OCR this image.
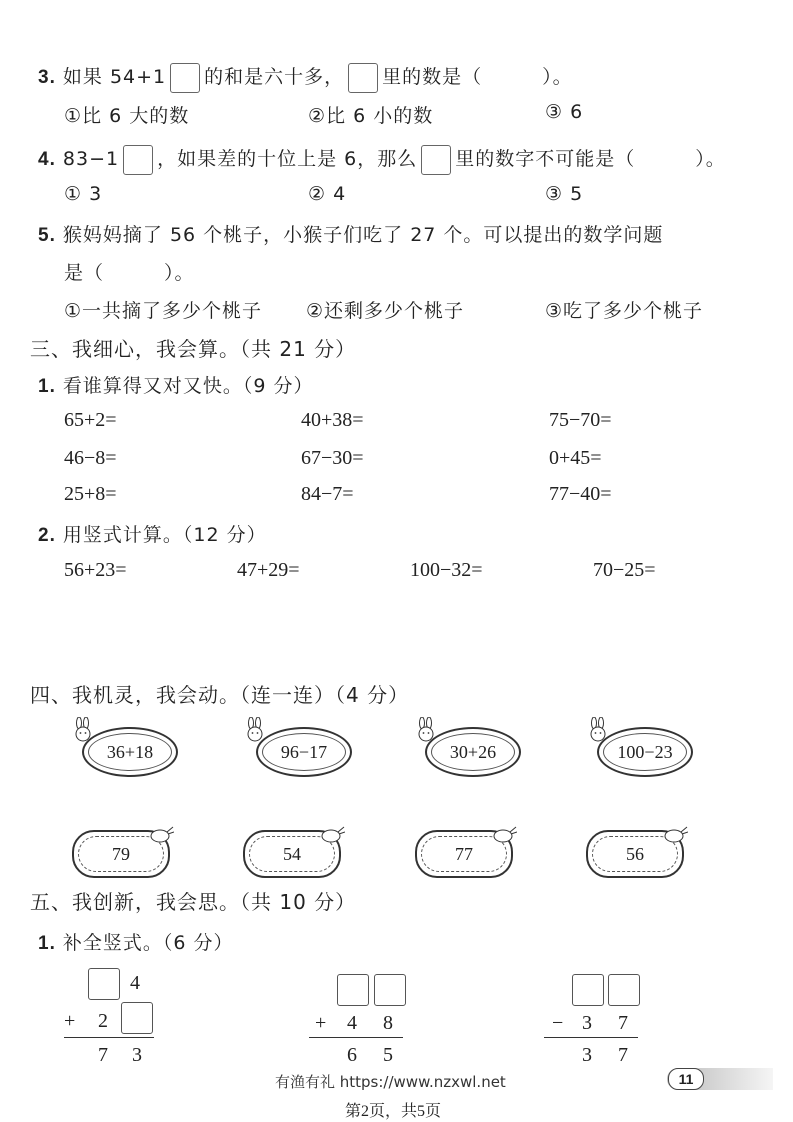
3. 如果 54+1 的和是六十多， 里的数是（　　　）。
①比 6 大的数	②比 6 小的数	③ 6
4. 83−1 ，如果差的十位上是 6，那么 里的数字不可能是（　　　）。
① 3	② 4	③ 5
5. 猴妈妈摘了 56 个桃子，小猴子们吃了 27 个。可以提出的数学问题
是（　　　）。
①一共摘了多少个桃子 ②还剩多少个桃子	③吃了多少个桃子
三、我细心，我会算。（共 21 分）
1. 看谁算得又对又快。（9 分）
65+2=	40+38=	75−70=
46−8=	67−30=	0+45=
25+8=	84−7=	77−40=
2. 用竖式计算。（12 分）
56+23=	47+29=	100−32=	70−25=
四、我机灵，我会动。（连一连）（4 分）
36+18	96−17	30+26	100−23
79	54	77	56
五、我创新，我会思。（共 10 分）
1. 补全竖式。（6 分）
4
+ 2
7 3
+ 4 8
6 5
− 3 7
3 7
有渔有礼 https://www.nzxwl.net	11
第2页，共5页
